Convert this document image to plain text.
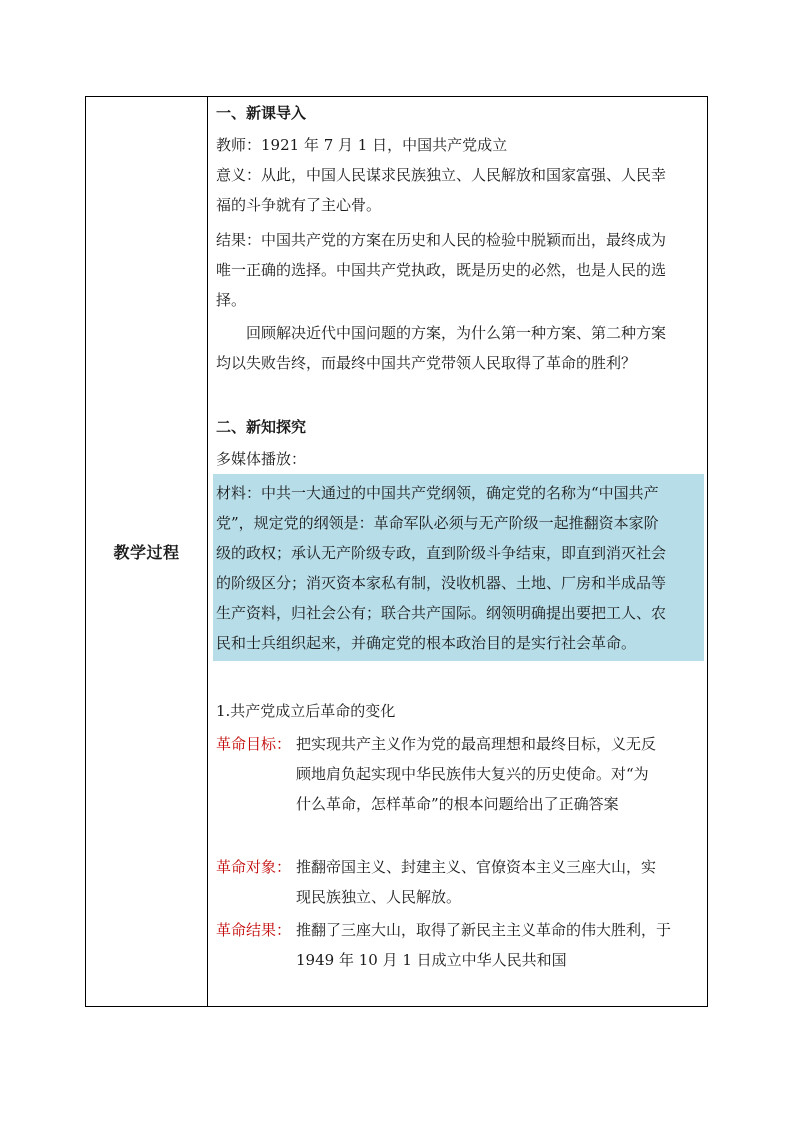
教学过程
一、新课导入
教师：1921 年 7 月 1 日，中国共产党成立
意义：从此，中国人民谋求民族独立、人民解放和国家富强、人民幸
福的斗争就有了主心骨。
结果：中国共产党的方案在历史和人民的检验中脱颖而出，最终成为
唯一正确的选择。中国共产党执政，既是历史的必然，也是人民的选
择。
回顾解决近代中国问题的方案，为什么第一种方案、第二种方案
均以失败告终，而最终中国共产党带领人民取得了革命的胜利？
二、新知探究
多媒体播放：
材料：中共一大通过的中国共产党纲领，确定党的名称为“中国共产
党”，规定党的纲领是：革命军队必须与无产阶级一起推翻资本家阶
级的政权；承认无产阶级专政，直到阶级斗争结束，即直到消灭社会
的阶级区分；消灭资本家私有制，没收机器、土地、厂房和半成品等
生产资料，归社会公有；联合共产国际。纲领明确提出要把工人、农
民和士兵组织起来，并确定党的根本政治目的是实行社会革命。
1.共产党成立后革命的变化
革命目标： 把实现共产主义作为党的最高理想和最终目标，义无反
顾地肩负起实现中华民族伟大复兴的历史使命。对“为
什么革命，怎样革命”的根本问题给出了正确答案
革命对象： 推翻帝国主义、封建主义、官僚资本主义三座大山，实
现民族独立、人民解放。
革命结果： 推翻了三座大山，取得了新民主主义革命的伟大胜利，于
1949 年 10 月 1 日成立中华人民共和国
